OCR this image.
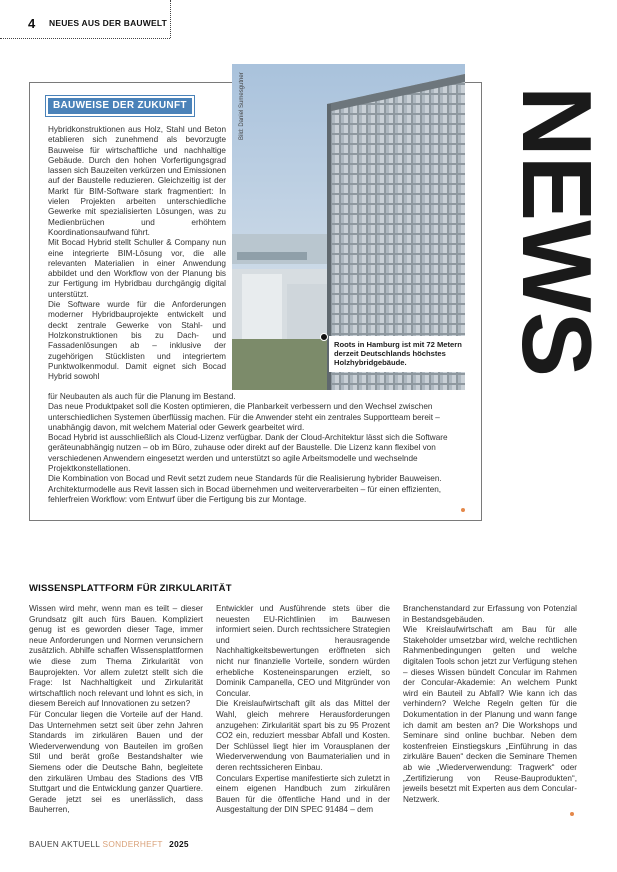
4 NEUES AUS DER BAUWELT
BAUWEISE DER ZUKUNFT

Hybridkonstruktionen aus Holz, Stahl und Beton etablieren sich zunehmend als bevorzugte Bauweise für wirtschaftliche und nachhaltige Gebäude. Durch den hohen Vorfertigungsgrad lassen sich Bauzeiten verkürzen und Emissionen auf der Baustelle reduzieren. Gleichzeitig ist der Markt für BIM-Software stark fragmentiert: In vielen Projekten arbeiten unterschiedliche Gewerke mit spezialisierten Lösungen, was zu Medienbrüchen und erhöhtem Koordinationsaufwand führt.

Mit Bocad Hybrid stellt Schuller & Company nun eine integrierte BIM-Lösung vor, die alle relevanten Materialien in einer Anwendung abbildet und den Workflow von der Planung bis zur Fertigung im Hybridbau durchgängig digital unterstützt.

Die Software wurde für die Anforderungen moderner Hybridbauprojekte entwickelt und deckt zentrale Gewerke von Stahl- und Holzkonstruktionen bis zu Dach- und Fassadenlösungen ab – inklusive der zugehörigen Stücklisten und integriertem Punktwolkenmodul. Damit eignet sich Bocad Hybrid sowohl

für Neubauten als auch für die Planung im Bestand.

Das neue Produktpaket soll die Kosten optimieren, die Planbarkeit verbessern und den Wechsel zwischen unterschiedlichen Systemen überflüssig machen. Für die Anwender steht ein zentrales Supportteam bereit – unabhängig davon, mit welchem Material oder Gewerk gearbeitet wird.

Bocad Hybrid ist ausschließlich als Cloud-Lizenz verfügbar. Dank der Cloud-Architektur lässt sich die Software geräteunabhängig nutzen – ob im Büro, zuhause oder direkt auf der Baustelle. Die Lizenz kann flexibel von verschiedenen Anwendern eingesetzt werden und unterstützt so agile Arbeitsmodelle und wechselnde Projektkonstellationen.

Die Kombination von Bocad und Revit setzt zudem neue Standards für die Realisierung hybrider Bauweisen. Architekturmodelle aus Revit lassen sich in Bocad übernehmen und weiterverarbeiten – für einen effizienten, fehlerfreien Workflow: vom Entwurf über die Fertigung bis zur Montage.

Bild: Daniel Sumesgutner
Roots in Hamburg ist mit 72 Metern derzeit Deutschlands höchstes Holzhybridgebäude. NEWS
WISSENSPLATTFORM FÜR ZIRKULARITÄT

Wissen wird mehr, wenn man es teilt – dieser Grundsatz gilt auch fürs Bauen. Kompliziert genug ist es geworden dieser Tage, immer neue Anforderungen und Normen verunsichern zusätzlich. Abhilfe schaffen Wissensplattformen wie diese zum Thema Zirkularität von Bauprojekten. Vor allem zuletzt stellt sich die Frage: Ist Nachhaltigkeit und Zirkularität wirtschaftlich noch relevant und lohnt es sich, in diesem Bereich auf Innovationen zu setzen?

Für Concular liegen die Vorteile auf der Hand. Das Unternehmen setzt seit über zehn Jahren Standards im zirkulären Bauen und der Wiederverwendung von Bauteilen im großen Stil und berät große Bestandshalter wie Siemens oder die Deutsche Bahn, begleitete den zirkulären Umbau des Stadions des VfB Stuttgart und die Entwicklung ganzer Quartiere. Gerade jetzt sei es unerlässlich, dass Bauherren,

Entwickler und Ausführende stets über die neuesten EU-Richtlinien im Bauwesen informiert seien. Durch rechtssichere Strategien und herausragende Nachhaltigkeitsbewertungen eröffneten sich nicht nur finanzielle Vorteile, sondern würden erhebliche Kosteneinsparungen erzielt, so Dominik Campanella, CEO und Mitgründer von Concular.

Die Kreislaufwirtschaft gilt als das Mittel der Wahl, gleich mehrere Herausforderungen anzugehen: Zirkularität spart bis zu 95 Prozent CO2 ein, reduziert messbar Abfall und Kosten. Der Schlüssel liegt hier im Vorausplanen der Wiederverwendung von Baumaterialien und in deren rechtssicheren Einbau.

Conculars Expertise manifestierte sich zuletzt in einem eigenen Handbuch zum zirkulären Bauen für die öffentliche Hand und in der Ausgestaltung der DIN SPEC 91484 – dem

Branchenstandard zur Erfassung von Potenzial in Bestandsgebäuden.

Wie Kreislaufwirtschaft am Bau für alle Stakeholder umsetzbar wird, welche rechtlichen Rahmenbedingungen gelten und welche digitalen Tools schon jetzt zur Verfügung stehen – dieses Wissen bündelt Concular im Rahmen der Concular-Akademie: An welchem Punkt wird ein Bauteil zu Abfall? Wie kann ich das verhindern? Welche Regeln gelten für die Dokumentation in der Planung und wann fange ich damit am besten an? Die Workshops und Seminare sind online buchbar. Neben dem kostenfreien Einstiegskurs „Einführung in das zirkuläre Bauen“ decken die Seminare Themen ab wie „Wiederverwendung: Tragwerk“ oder „Zertifizierung von Reuse-Bauprodukten“, jeweils besetzt mit Experten aus dem Concular-Netzwerk.

BAUEN AKTUELL SONDERHEFT 2025
